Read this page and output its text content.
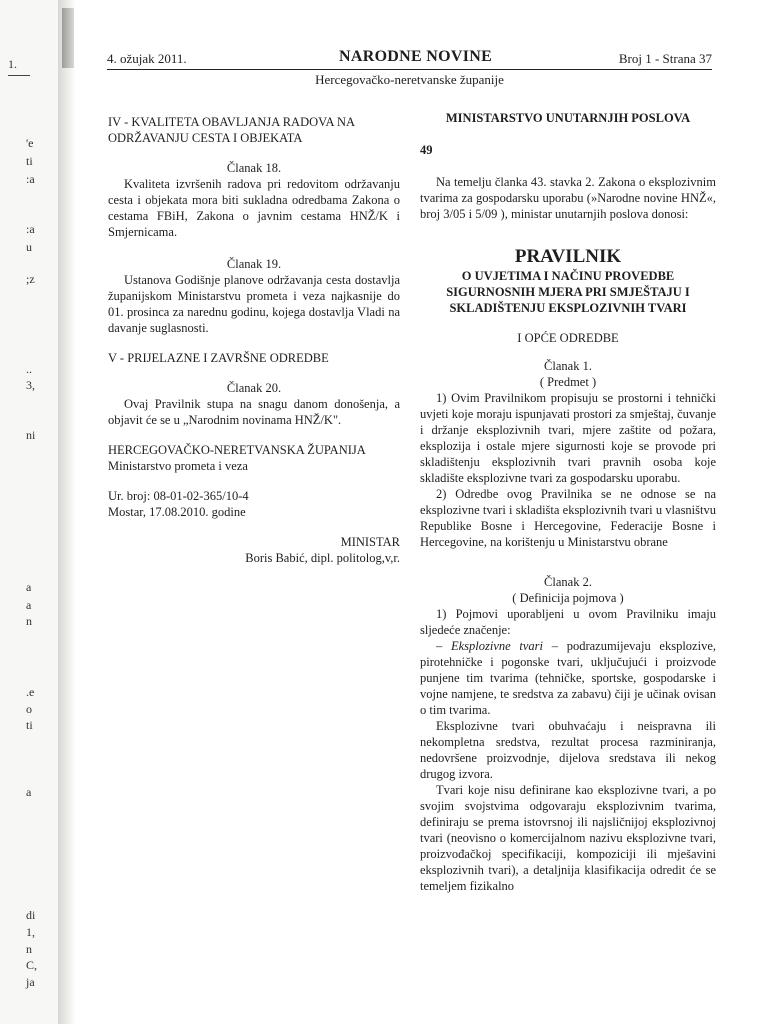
1.
'e
ti
:a
:a
u
;z
..
3,
ni
a
a
n
.e
o
ti
a
di
1,
n
C,
ja
4. ožujak 2011.	NARODNE NOVINE	Broj 1 - Strana 37
Hercegovačko-neretvanske županije

IV - KVALITETA OBAVLJANJA RADOVA NA ODRŽAVANJU CESTA I OBJEKATA

Članak 18.

Kvaliteta izvršenih radova pri redovitom održavanju cesta i objekata mora biti sukladna odredbama Zakona o cestama FBiH, Zakona o javnim cestama HNŽ/K i Smjernicama.

Članak 19.

Ustanova Godišnje planove održavanja cesta dostavlja županijskom Ministarstvu prometa i veza najkasnije do 01. prosinca za narednu godinu, kojega dostavlja Vladi na davanje suglasnosti.

V - PRIJELAZNE I ZAVRŠNE ODREDBE

Članak 20.

Ovaj Pravilnik stupa na snagu danom donošenja, a objavit će se u „Narodnim novinama HNŽ/K".

HERCEGOVAČKO-NERETVANSKA ŽUPANIJA

Ministarstvo prometa i veza

Ur. broj: 08-01-02-365/10-4

Mostar, 17.08.2010. godine

MINISTAR

Boris Babić, dipl. politolog,v,r.

MINISTARSTVO UNUTARNJIH POSLOVA

49

Na temelju članka 43. stavka 2. Zakona o eksplozivnim tvarima za gospodarsku uporabu (»Narodne novine HNŽ«, broj 3/05 i 5/09 ), ministar unutarnjih poslova donosi:

PRAVILNIK

O UVJETIMA I NAČINU PROVEDBE SIGURNOSNIH MJERA PRI SMJEŠTAJU I SKLADIŠTENJU EKSPLOZIVNIH TVARI

I OPĆE ODREDBE

Članak 1.

( Predmet )

1) Ovim Pravilnikom propisuju se prostorni i tehnički uvjeti koje moraju ispunjavati prostori za smještaj, čuvanje i držanje eksplozivnih tvari, mjere zaštite od požara, eksplozija i ostale mjere sigurnosti koje se provode pri skladištenju eksplozivnih tvari pravnih osoba koje skladište eksplozivne tvari za gospodarsku uporabu.

2) Odredbe ovog Pravilnika se ne odnose se na eksplozivne tvari i skladišta eksplozivnih tvari u vlasništvu Republike Bosne i Hercegovine, Federacije Bosne i Hercegovine, na korištenju u Ministarstvu obrane

Članak 2.

( Definicija pojmova )

1) Pojmovi uporabljeni u ovom Pravilniku imaju sljedeće značenje:

– Eksplozivne tvari – podrazumijevaju eksplozive, pirotehničke i pogonske tvari, uključujući i proizvode punjene tim tvarima (tehničke, sportske, gospodarske i vojne namjene, te sredstva za zabavu) čiji je učinak ovisan o tim tvarima.

Eksplozivne tvari obuhvaćaju i neispravna ili nekompletna sredstva, rezultat procesa razminiranja, nedovršene proizvodnje, dijelova sredstava ili nekog drugog izvora.

Tvari koje nisu definirane kao eksplozivne tvari, a po svojim svojstvima odgovaraju eksplozivnim tvarima, definiraju se prema istovrsnoj ili najsličnijoj eksplozivnoj tvari (neovisno o komercijalnom nazivu eksplozivne tvari, proizvođačkoj specifikaciji, kompoziciji ili mješavini eksplozivnih tvari), a detaljnija klasifikacija odredit će se temeljem fizikalno
